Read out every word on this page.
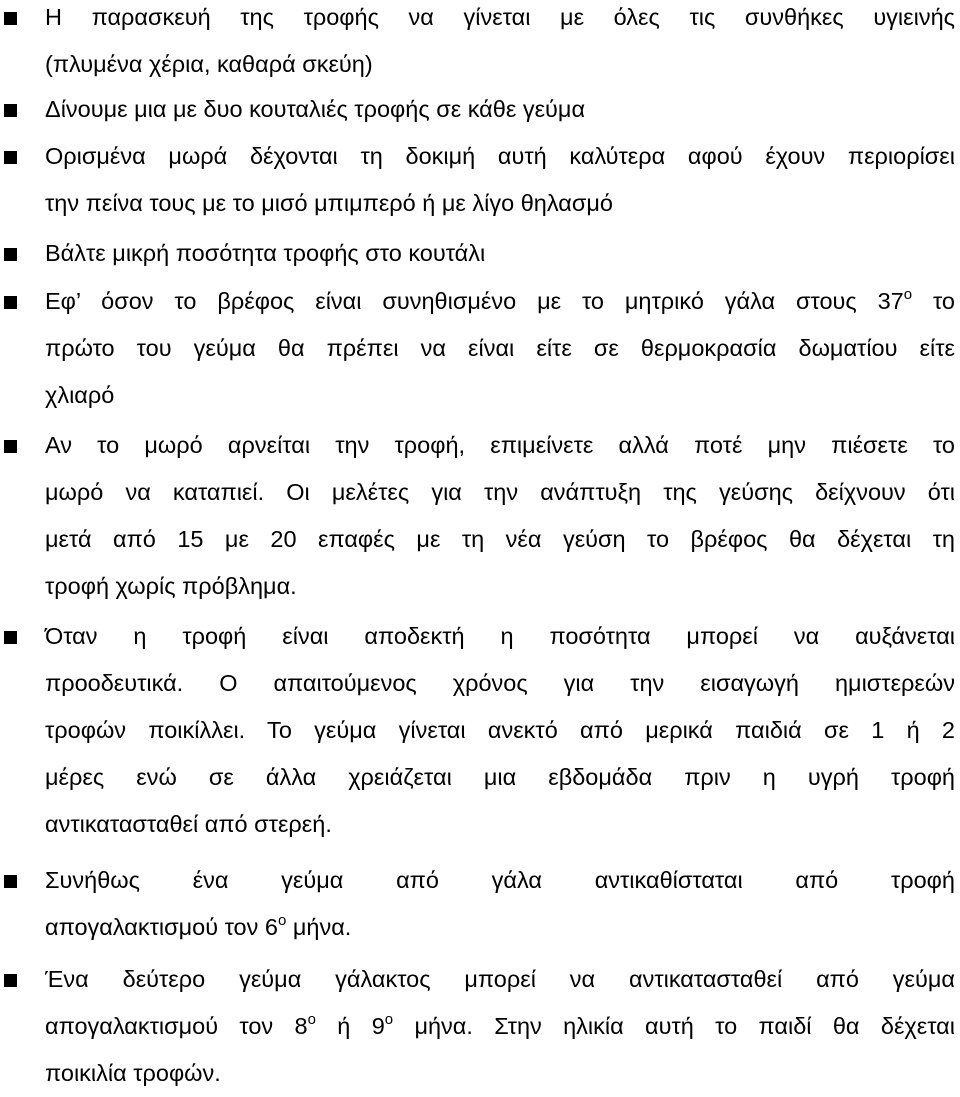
Η παρασκευή της τροφής να γίνεται με όλες τις συνθήκες υγιεινής
(πλυμένα χέρια, καθαρά σκεύη)
Δίνουμε μια με δυο κουταλιές τροφής σε κάθε γεύμα
Ορισμένα μωρά δέχονται τη δοκιμή αυτή καλύτερα αφού έχουν περιορίσει
την πείνα τους με το μισό μπιμπερό ή με λίγο θηλασμό
Βάλτε μικρή ποσότητα τροφής στο κουτάλι
Εφ’ όσον το βρέφος είναι συνηθισμένο με το μητρικό γάλα στους $37^o$ το
πρώτο του γεύμα θα πρέπει να είναι είτε σε θερμοκρασία δωματίου είτε
χλιαρό
Αν το μωρό αρνείται την τροφή, επιμείνετε αλλά ποτέ μην πιέσετε το
μωρό να καταπιεί. Οι μελέτες για την ανάπτυξη της γεύσης δείχνουν ότι
μετά από 15 με 20 επαφές με τη νέα γεύση το βρέφος θα δέχεται τη
τροφή χωρίς πρόβλημα.
Όταν η τροφή είναι αποδεκτή η ποσότητα μπορεί να αυξάνεται
προοδευτικά. Ο απαιτούμενος χρόνος για την εισαγωγή ημιστερεών
τροφών ποικίλλει. Το γεύμα γίνεται ανεκτό από μερικά παιδιά σε 1 ή 2
μέρες ενώ σε άλλα χρειάζεται μια εβδομάδα πριν η υγρή τροφή
αντικατασταθεί από στερεή.
Συνήθως ένα γεύμα από γάλα αντικαθίσταται από τροφή
απογαλακτισμού τον $6^o$ μήνα.
Ένα δεύτερο γεύμα γάλακτος μπορεί να αντικατασταθεί από γεύμα
απογαλακτισμού τον $8^o$ ή $9^o$ μήνα. Στην ηλικία αυτή το παιδί θα δέχεται
ποικιλία τροφών.
